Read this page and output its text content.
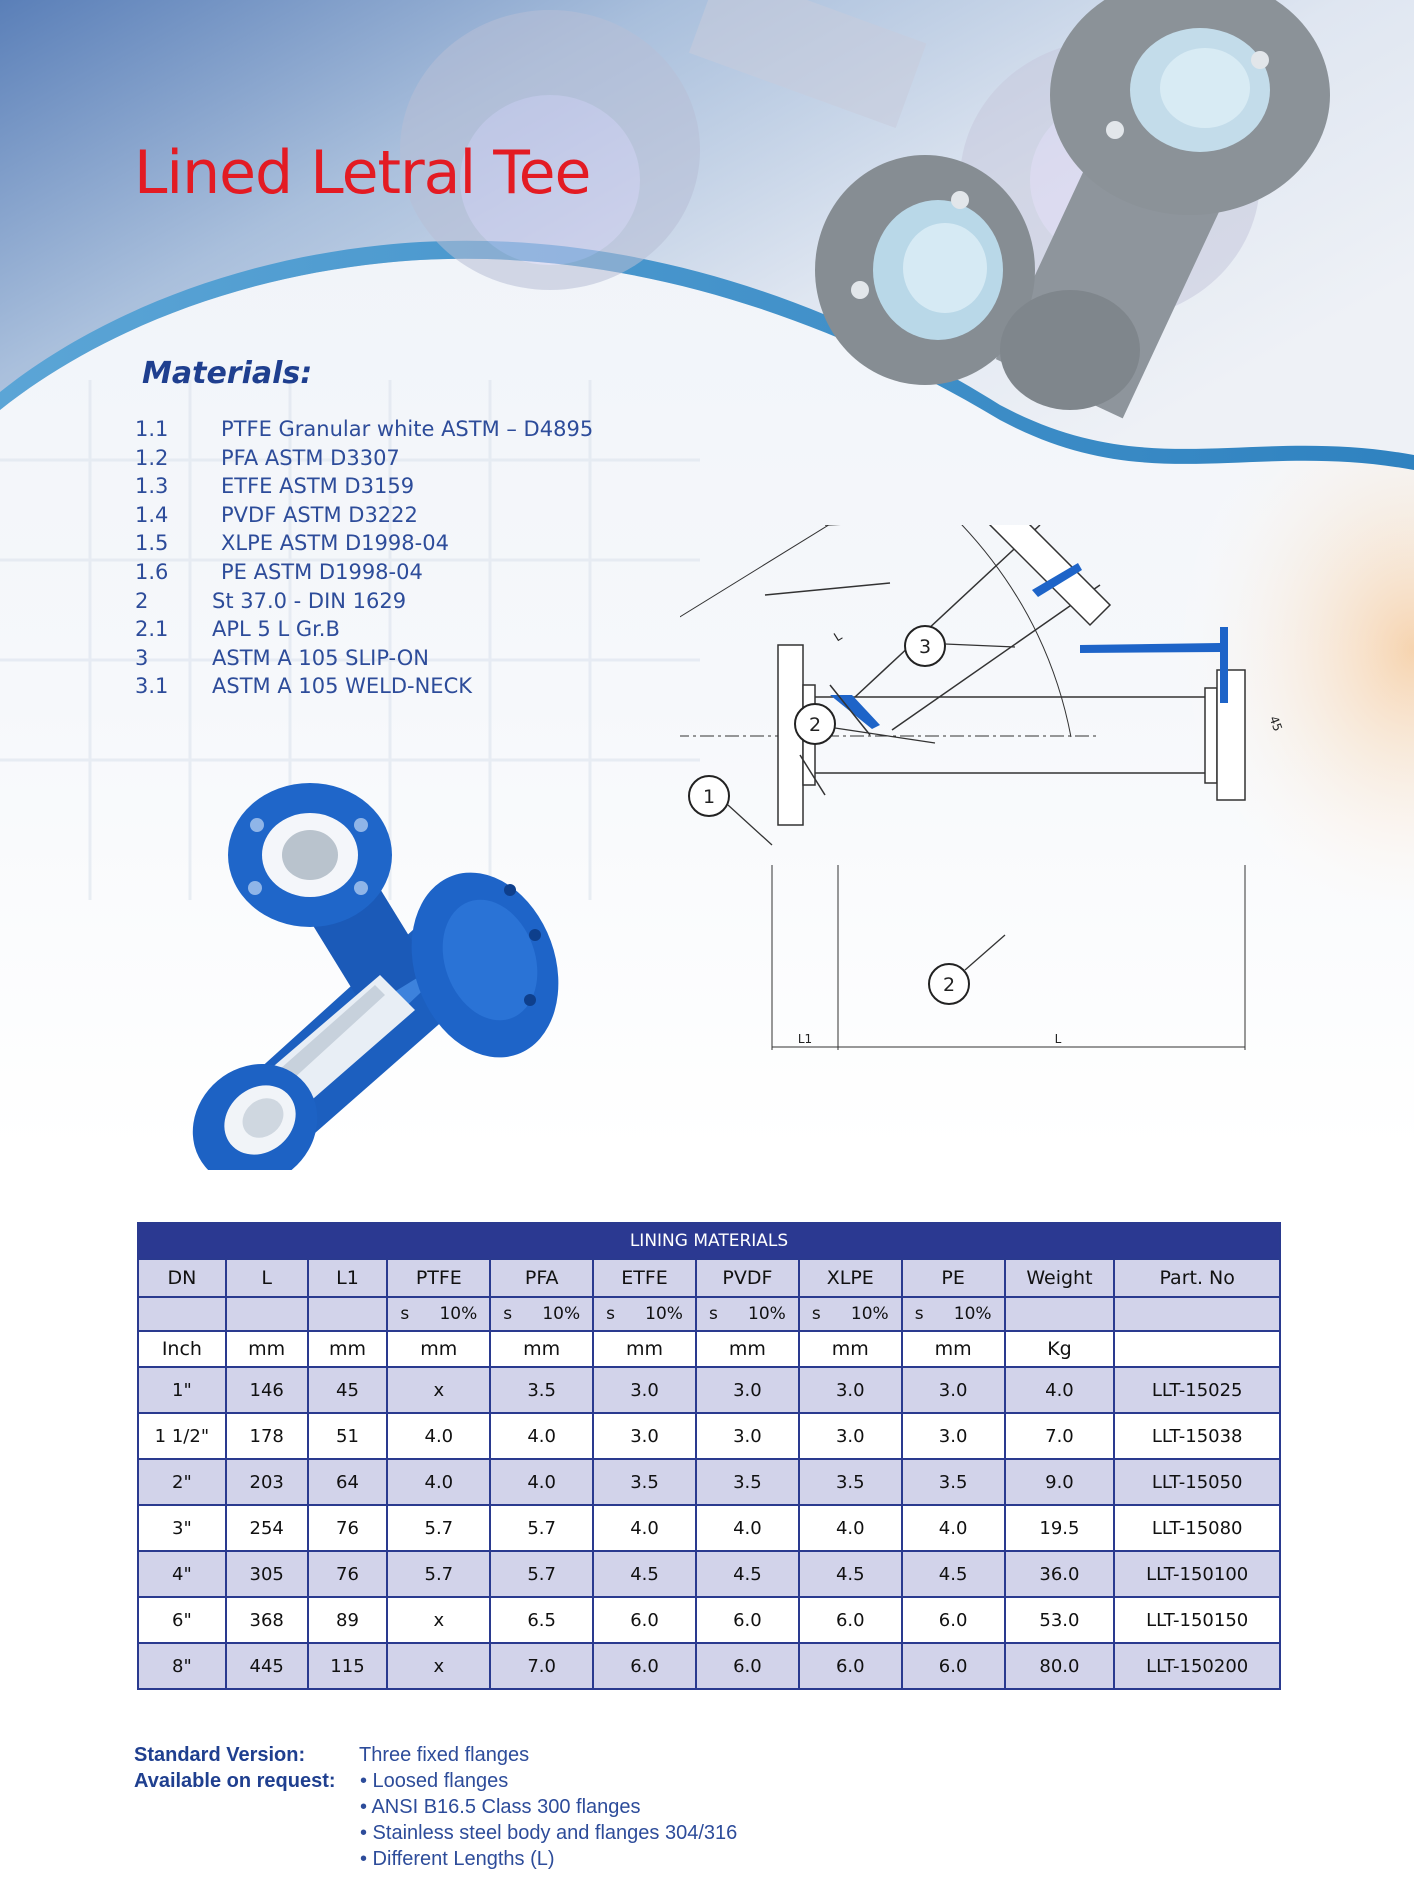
Lined Letral Tee
Materials:
1.1	PTFE Granular white ASTM – D4895
1.2	PFA ASTM D3307
1.3	ETFE ASTM D3159
1.4	PVDF ASTM D3222
1.5	XLPE ASTM D1998-04
1.6	PE ASTM D1998-04
2	St 37.0 - DIN 1629
2.1 APL 5 L Gr.B
3	ASTM A 105 SLIP-ON
3.1 ASTM A 105 WELD-NECK
3
2
1
2
L
L1	L
45
LINING MATERIALS										
DN	L	L1	PTFE	PFA	ETFE	PVDF	XLPE	PE	Weight	Part. No

			s 10%	s 10%	s 10%	s 10%	s 10%	s 10%		

Inch	mm	mm	mm	mm	mm	mm	mm	mm	Kg	
1"	146	45	x	3.5	3.0	3.0	3.0	3.0	4.0	LLT-15025
1 1/2"	178	51	4.0	4.0	3.0	3.0	3.0	3.0	7.0	LLT-15038
2"	203	64	4.0	4.0	3.5	3.5	3.5	3.5	9.0	LLT-15050
3"	254	76	5.7	5.7	4.0	4.0	4.0	4.0	19.5	LLT-15080
4"	305	76	5.7	5.7	4.5	4.5	4.5	4.5	36.0	LLT-150100
6"	368	89	x	6.5	6.0	6.0	6.0	6.0	53.0	LLT-150150
8"	445	115	x	7.0	6.0	6.0	6.0	6.0	80.0	LLT-150200
Standard Version:	Three fixed flanges
Available on request: • Loosed flanges
• ANSI B16.5 Class 300 flanges
• Stainless steel body and flanges 304/316
• Different Lengths (L)
